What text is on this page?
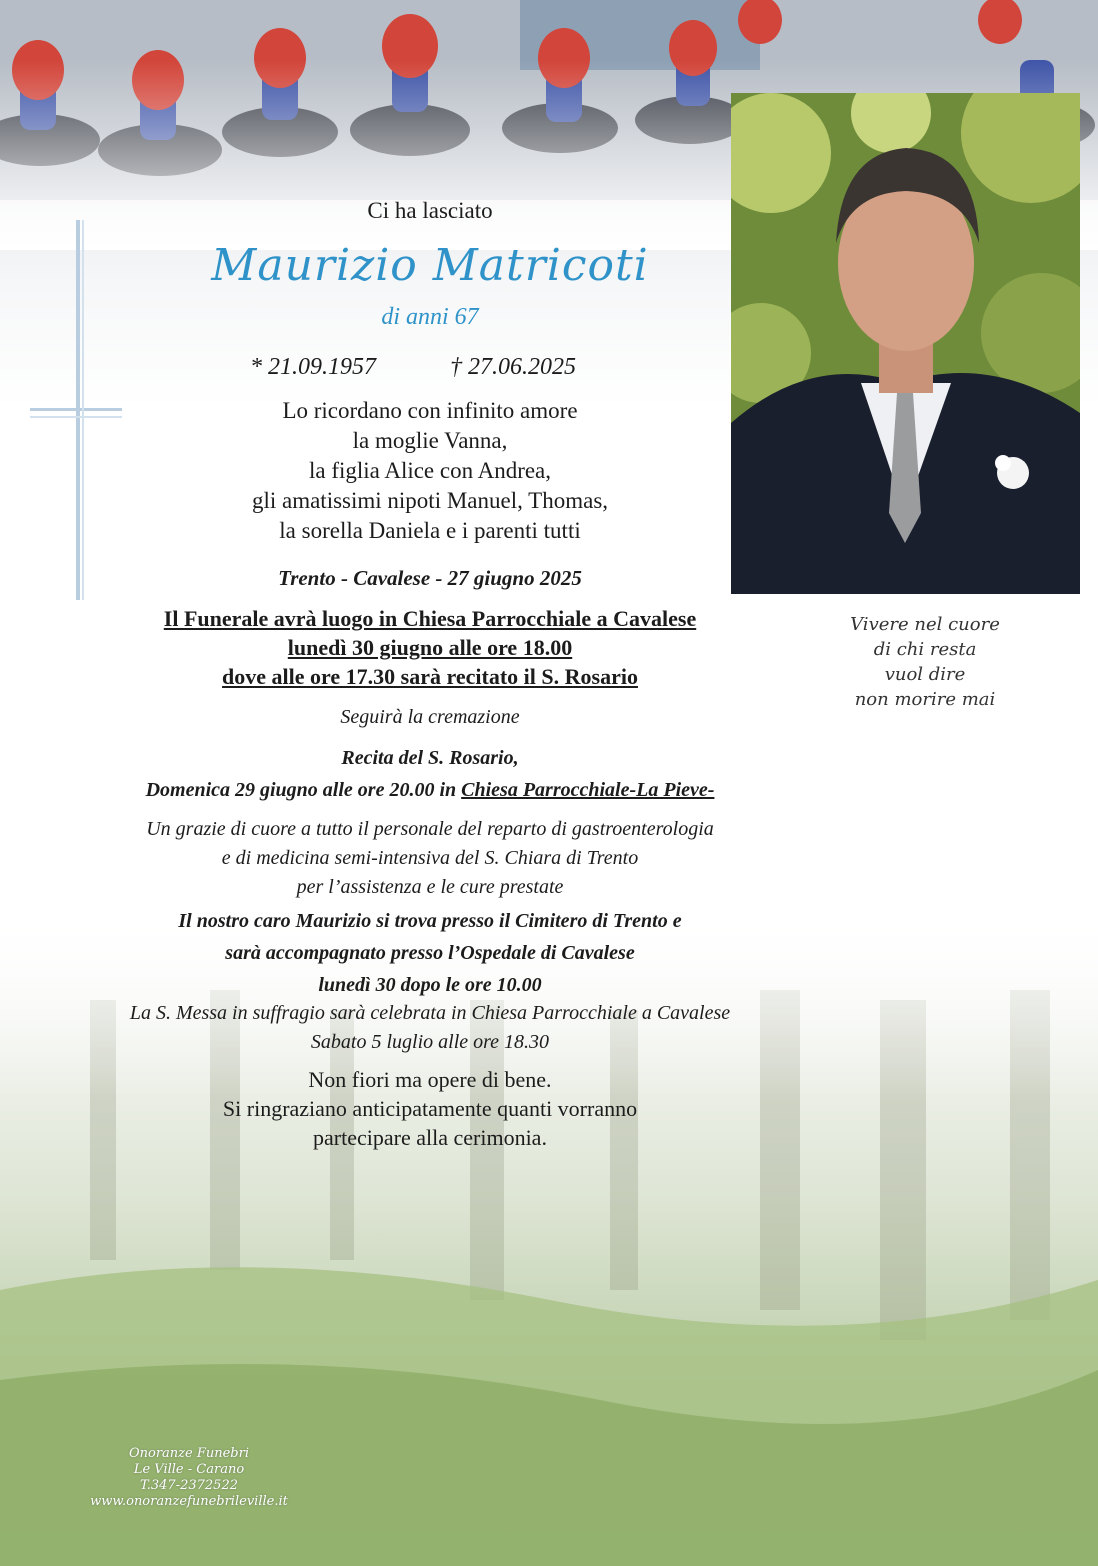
Ci ha lasciato
Maurizio Matricoti
di anni 67
* 21.09.1957	† 27.06.2025
Lo ricordano con infinito amore
la moglie Vanna,
la figlia Alice con Andrea,
gli amatissimi nipoti Manuel, Thomas,
la sorella Daniela e i parenti tutti
Trento - Cavalese - 27 giugno 2025
Il Funerale avrà luogo in Chiesa Parrocchiale a Cavalese
lunedì 30 giugno alle ore 18.00
dove alle ore 17.30 sarà recitato il S. Rosario
Seguirà la cremazione
Recita del S. Rosario,
Domenica 29 giugno alle ore 20.00 in Chiesa Parrocchiale-La Pieve-
Un grazie di cuore a tutto il personale del reparto di gastroenterologia
e di medicina semi-intensiva del S. Chiara di Trento
per l’assistenza e le cure prestate
Il nostro caro Maurizio si trova presso il Cimitero di Trento e
sarà accompagnato presso l’Ospedale di Cavalese
lunedì 30 dopo le ore 10.00
La S. Messa in suffragio sarà celebrata in Chiesa Parrocchiale a Cavalese
Sabato 5 luglio alle ore 18.30
Non fiori ma opere di bene.
Si ringraziano anticipatamente quanti vorranno
partecipare alla cerimonia.
Vivere nel cuore
di chi resta
vuol dire
non morire mai
Onoranze Funebri
Le Ville - Carano
T.347-2372522
www.onoranzefunebrileville.it
